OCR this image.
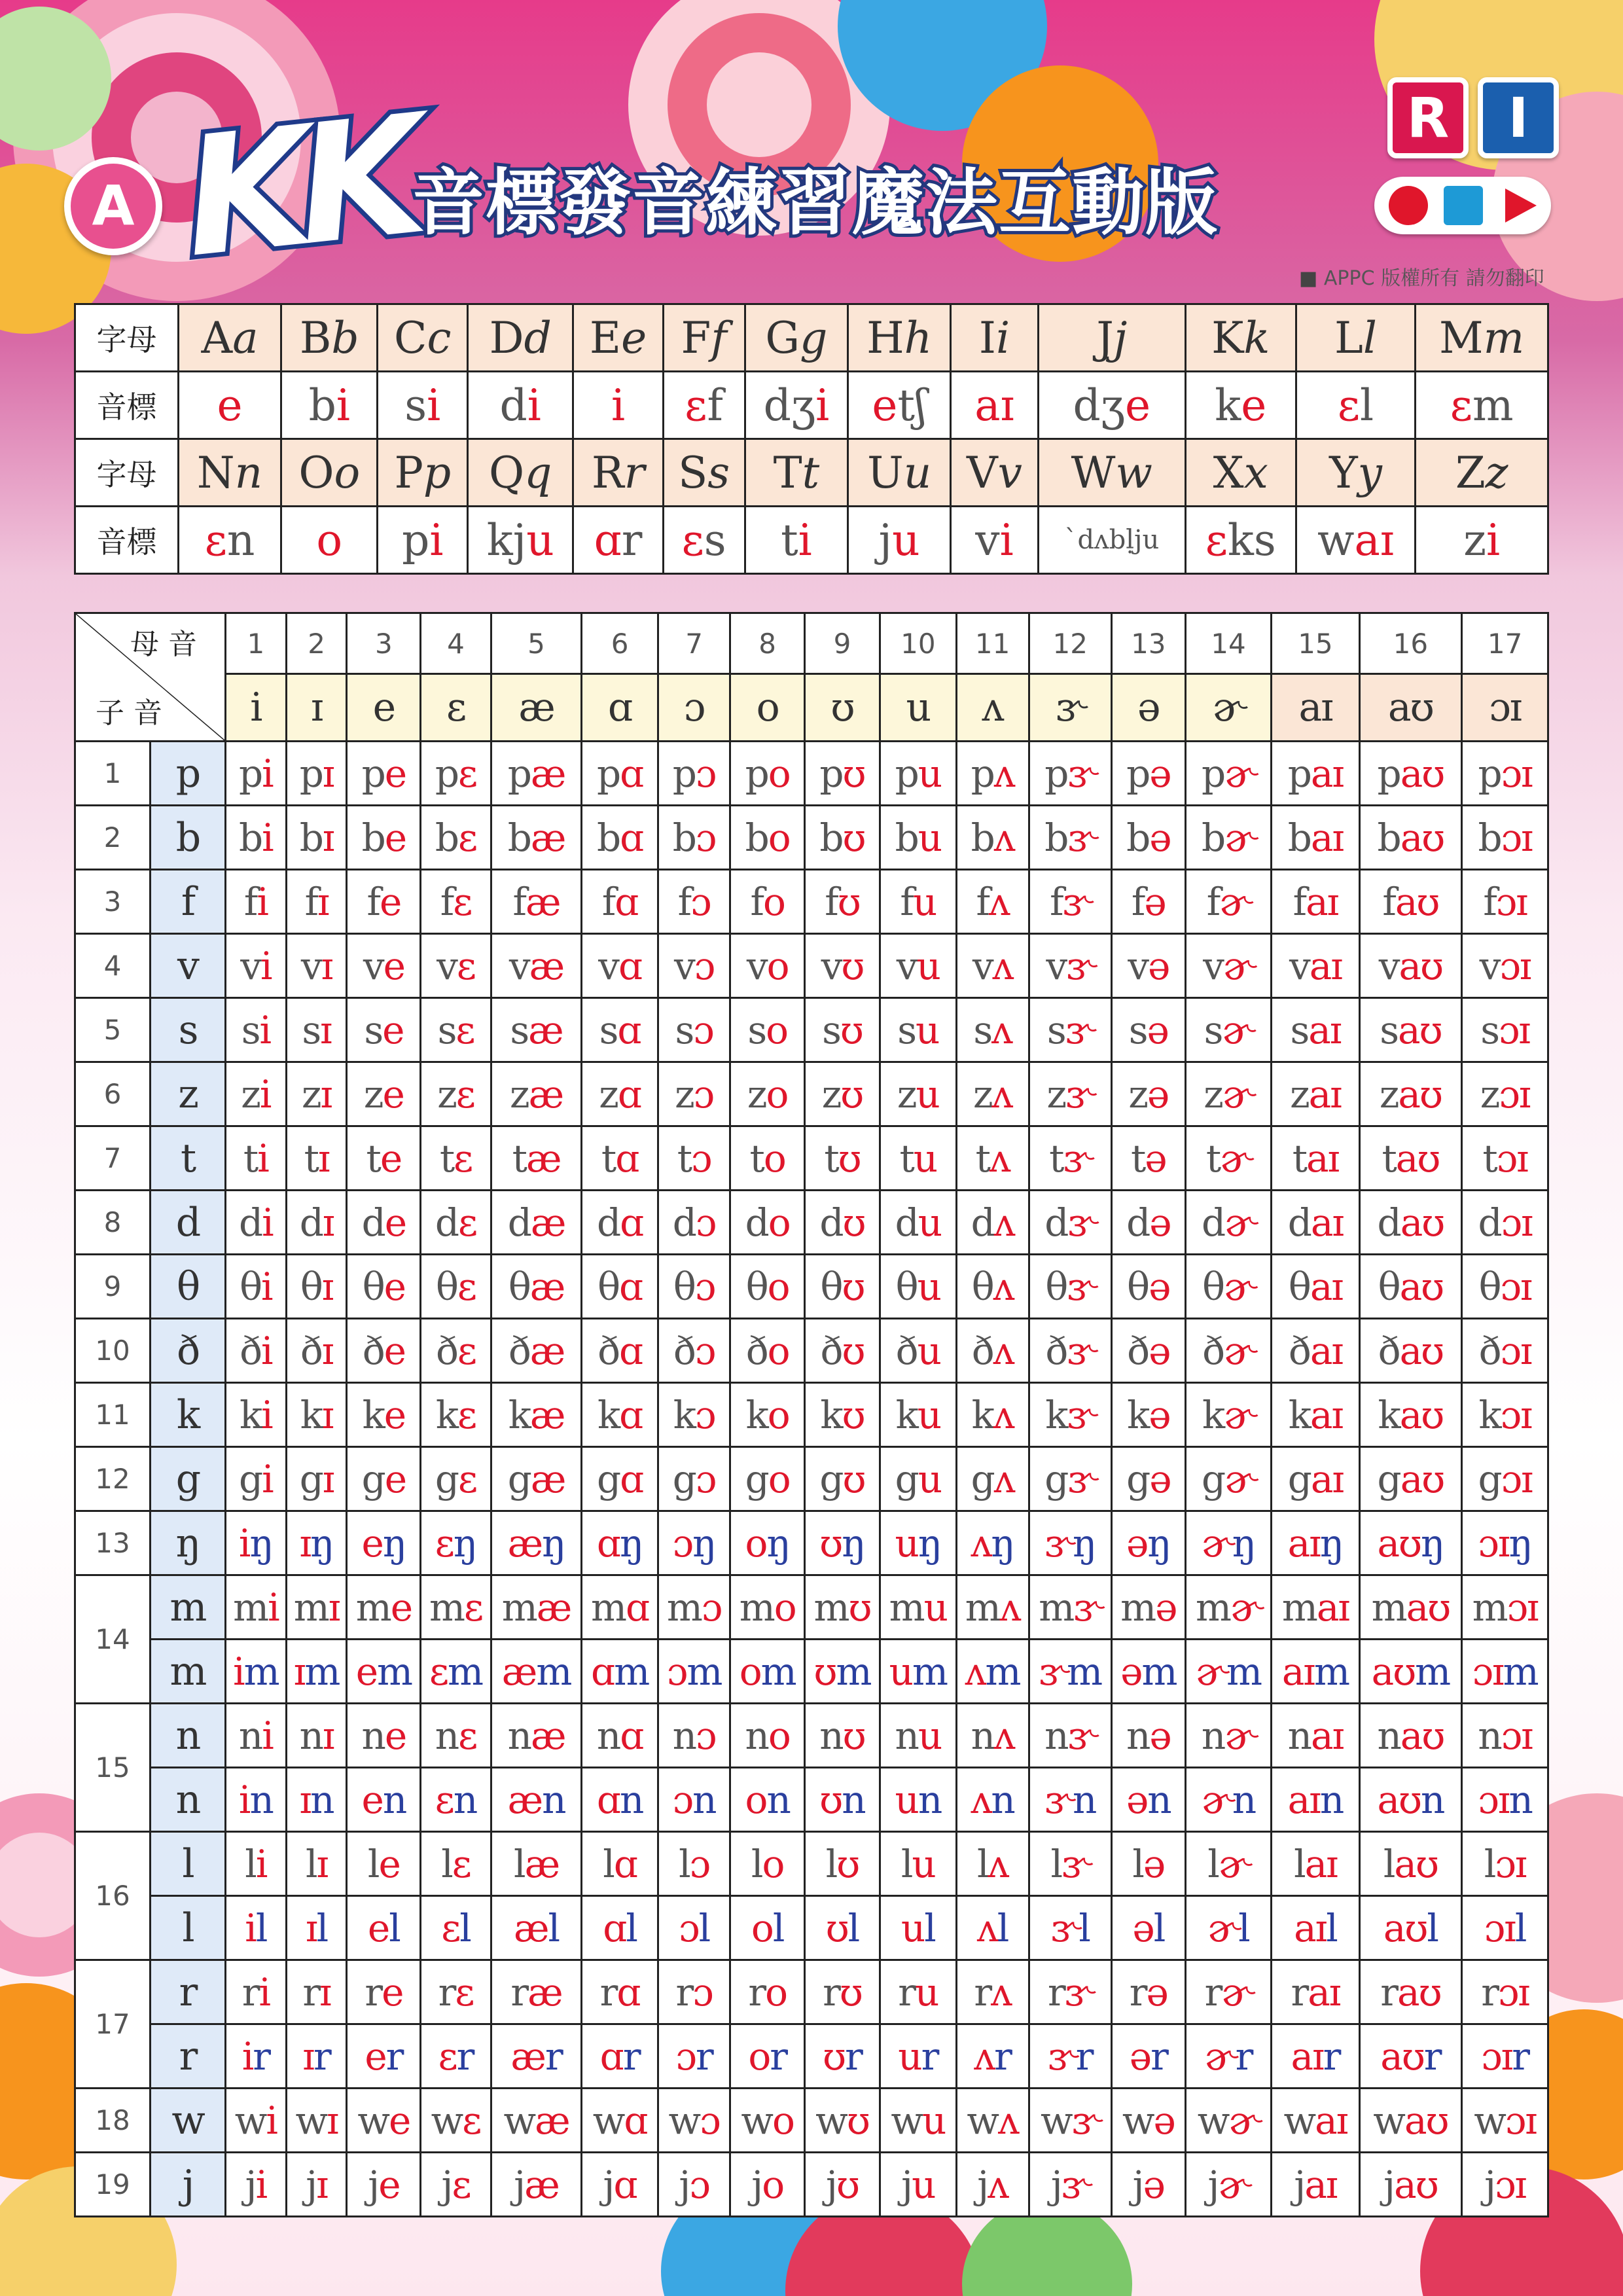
A KK
音標發音練習魔法互動版
R	I
■ APPC 版權所有 請勿翻印
字母	Aa	Bb	Cc	Dd	Ee	Ff	Gg	Hh	Ii	Jj	Kk	Ll	Mm
音標	e	bi	si	di	i	ɛf	dʒi	etʃ	aɪ	dʒe	ke	ɛl	ɛm
字母	Nn	Oo	Pp	Qq	Rr	Ss	Tt	Uu	Vv	Ww	Xx	Yy	Zz
音標	ɛn	o	pi	kju	ɑr	ɛs	ti	ju	vi	ˋdʌbḷju	ɛks	waɪ	zi
母音
子音		1	2	3	4	5	6	7	8	9	10	11	12	13	14	15	16	17
		i	ɪ	e	ɛ	æ	ɑ	ɔ	o	ʊ	u	ʌ	ɝ	ə	ɚ	aɪ	aʊ	ɔɪ
1	p	pi	pɪ	pe	pɛ	pæ	pɑ	pɔ	po	pʊ	pu	pʌ	pɝ	pə	pɚ	paɪ	paʊ	pɔɪ
2	b	bi	bɪ	be	bɛ	bæ	bɑ	bɔ	bo	bʊ	bu	bʌ	bɝ	bə	bɚ	baɪ	baʊ	bɔɪ
3	f	fi	fɪ	fe	fɛ	fæ	fɑ	fɔ	fo	fʊ	fu	fʌ	fɝ	fə	fɚ	faɪ	faʊ	fɔɪ
4	v	vi	vɪ	ve	vɛ	væ	vɑ	vɔ	vo	vʊ	vu	vʌ	vɝ	və	vɚ	vaɪ	vaʊ	vɔɪ
5	s	si	sɪ	se	sɛ	sæ	sɑ	sɔ	so	sʊ	su	sʌ	sɝ	sə	sɚ	saɪ	saʊ	sɔɪ
6	z	zi	zɪ	ze	zɛ	zæ	zɑ	zɔ	zo	zʊ	zu	zʌ	zɝ	zə	zɚ	zaɪ	zaʊ	zɔɪ
7	t	ti	tɪ	te	tɛ	tæ	tɑ	tɔ	to	tʊ	tu	tʌ	tɝ	tə	tɚ	taɪ	taʊ	tɔɪ
8	d	di	dɪ	de	dɛ	dæ	dɑ	dɔ	do	dʊ	du	dʌ	dɝ	də	dɚ	daɪ	daʊ	dɔɪ
9	θ	θi	θɪ	θe	θɛ	θæ	θɑ	θɔ	θo	θʊ	θu	θʌ	θɝ	θə	θɚ	θaɪ	θaʊ	θɔɪ
10	ð	ði	ðɪ	ðe	ðɛ	ðæ	ðɑ	ðɔ	ðo	ðʊ	ðu	ðʌ	ðɝ	ðə	ðɚ	ðaɪ	ðaʊ	ðɔɪ
11	k	ki	kɪ	ke	kɛ	kæ	kɑ	kɔ	ko	kʊ	ku	kʌ	kɝ	kə	kɚ	kaɪ	kaʊ	kɔɪ
12	g	gi	gɪ	ge	gɛ	gæ	gɑ	gɔ	go	gʊ	gu	gʌ	gɝ	gə	gɚ	gaɪ	gaʊ	gɔɪ
13	ŋ	iŋ	ɪŋ	eŋ	ɛŋ	æŋ	ɑŋ	ɔŋ	oŋ	ʊŋ	uŋ	ʌŋ	ɝŋ	əŋ	ɚŋ	aɪŋ	aʊŋ	ɔɪŋ
14	m	mi	mɪ	me	mɛ	mæ	mɑ	mɔ	mo	mʊ	mu	mʌ	mɝ	mə	mɚ	maɪ	maʊ	mɔɪ
	m	im	ɪm	em	ɛm	æm	ɑm	ɔm	om	ʊm	um	ʌm	ɝm	əm	ɚm	aɪm	aʊm	ɔɪm
15	n	ni	nɪ	ne	nɛ	næ	nɑ	nɔ	no	nʊ	nu	nʌ	nɝ	nə	nɚ	naɪ	naʊ	nɔɪ
	n	in	ɪn	en	ɛn	æn	ɑn	ɔn	on	ʊn	un	ʌn	ɝn	ən	ɚn	aɪn	aʊn	ɔɪn
16	l	li	lɪ	le	lɛ	læ	lɑ	lɔ	lo	lʊ	lu	lʌ	lɝ	lə	lɚ	laɪ	laʊ	lɔɪ
	l	il	ɪl	el	ɛl	æl	ɑl	ɔl	ol	ʊl	ul	ʌl	ɝl	əl	ɚl	aɪl	aʊl	ɔɪl
17	r	ri	rɪ	re	rɛ	ræ	rɑ	rɔ	ro	rʊ	ru	rʌ	rɝ	rə	rɚ	raɪ	raʊ	rɔɪ
	r	ir	ɪr	er	ɛr	ær	ɑr	ɔr	or	ʊr	ur	ʌr	ɝr	ər	ɚr	aɪr	aʊr	ɔɪr
18	w	wi	wɪ	we	wɛ	wæ	wɑ	wɔ	wo	wʊ	wu	wʌ	wɝ	wə	wɚ	waɪ	waʊ	wɔɪ
19	j	ji	jɪ	je	jɛ	jæ	jɑ	jɔ	jo	jʊ	ju	jʌ	jɝ	jə	jɚ	jaɪ	jaʊ	jɔɪ
